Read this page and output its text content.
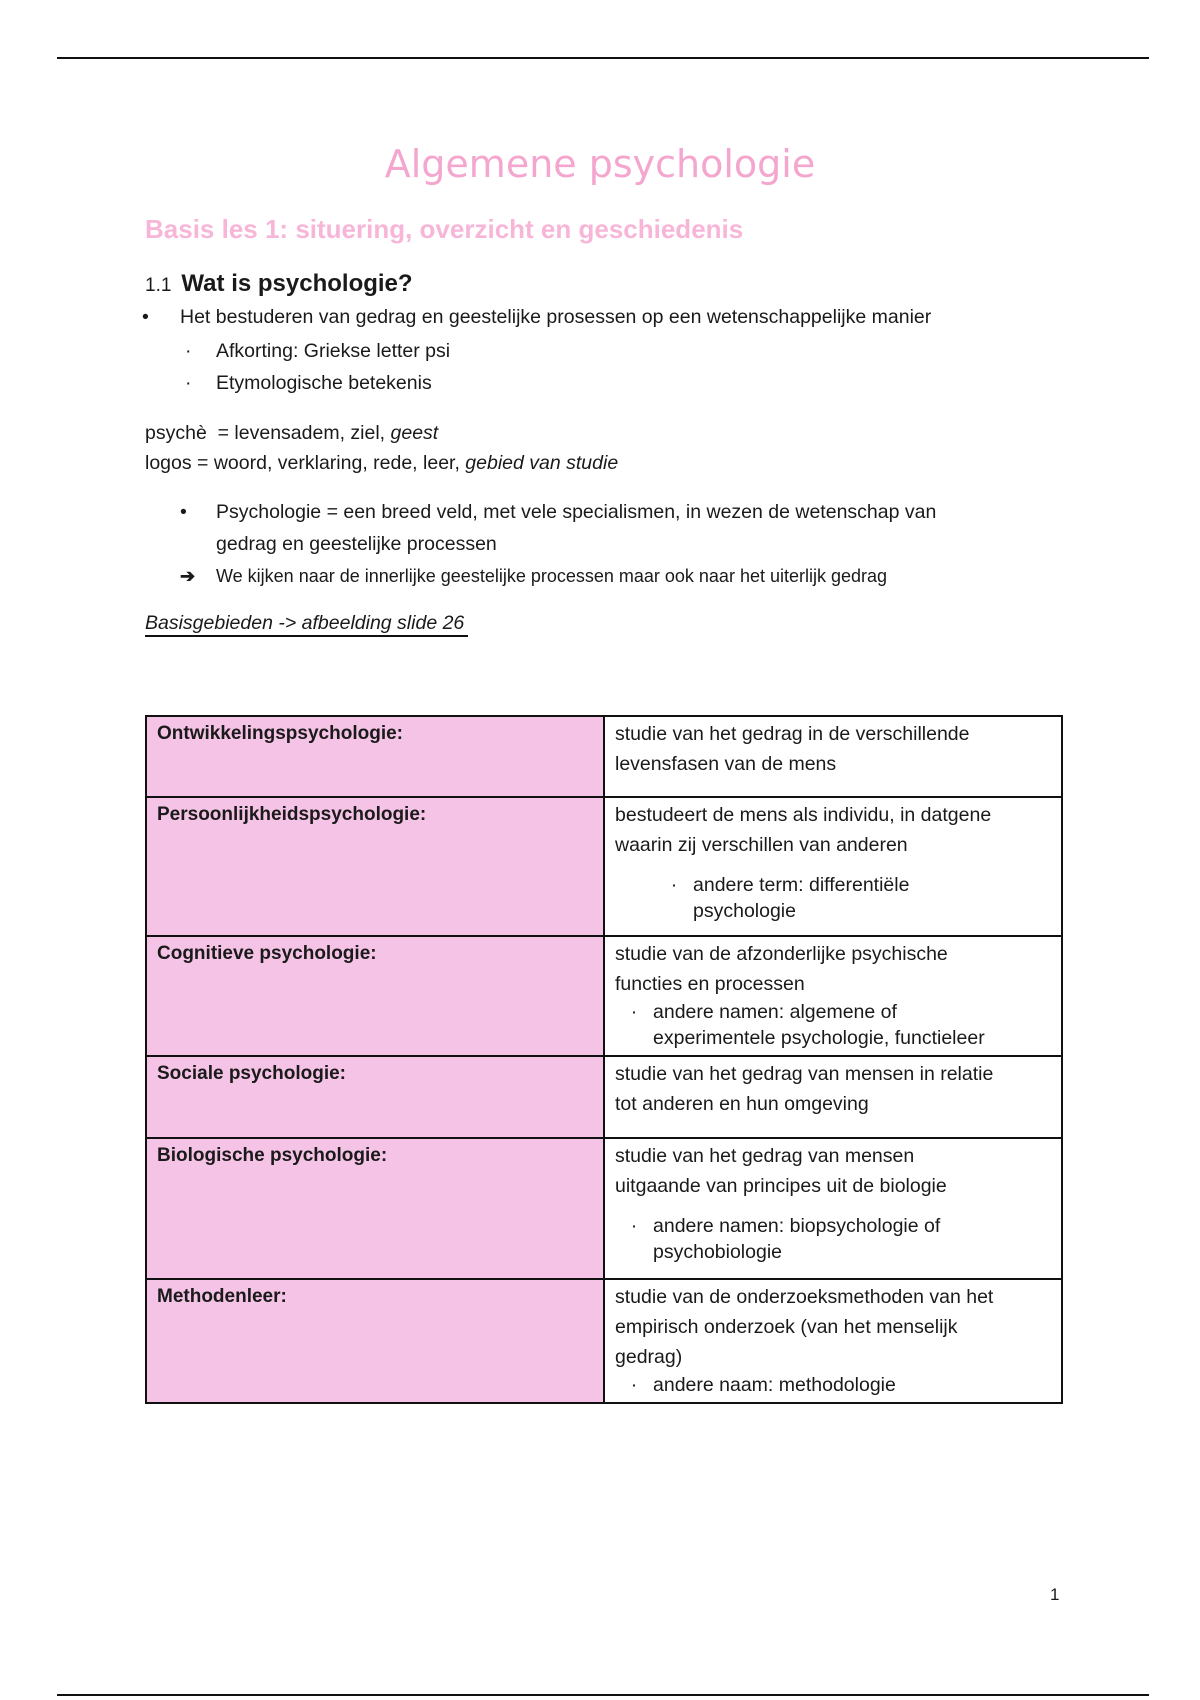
Algemene psychologie
Basis les 1: situering, overzicht en geschiedenis
1.1 Wat is psychologie?
• Het bestuderen van gedrag en geestelijke prosessen op een wetenschappelijke manier
· Afkorting: Griekse letter psi
· Etymologische betekenis
psychè  = levensadem, ziel, geest
logos = woord, verklaring, rede, leer, gebied van studie
• Psychologie = een breed veld, met vele specialismen, in wezen de wetenschap van
gedrag en geestelijke processen
➔ We kijken naar de innerlijke geestelijke processen maar ook naar het uiterlijk gedrag
Basisgebieden -> afbeelding slide 26
Ontwikkelingspsychologie:	studie van het gedrag in de verschillende
levensfasen van de mens

Persoonlijkheidspsychologie:	bestudeert de mens als individu, in datgene
waarin zij verschillen van anderen
· andere term: differentiële
psychologie

Cognitieve psychologie:	studie van de afzonderlijke psychische
functies en processen
· andere namen: algemene of
experimentele psychologie, functieleer

Sociale psychologie:	studie van het gedrag van mensen in relatie
tot anderen en hun omgeving

Biologische psychologie:	studie van het gedrag van mensen
uitgaande van principes uit de biologie
· andere namen: biopsychologie of
psychobiologie

Methodenleer:	studie van de onderzoeksmethoden van het
empirisch onderzoek (van het menselijk
gedrag)
· andere naam: methodologie
1
